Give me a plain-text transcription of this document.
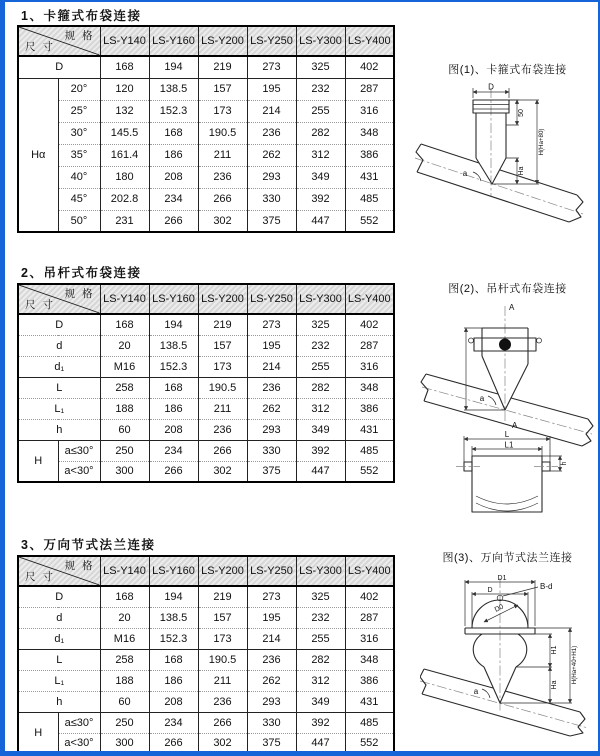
1、卡箍式布袋连接
规 格
尺 寸		LS-Y140	LS-Y160	LS-Y200	LS-Y250	LS-Y300	LS-Y400
D		168	194	219	273	325	402
Hα	20°	120	138.5	157	195	232	287
	25°	132	152.3	173	214	255	316
	30°	145.5	168	190.5	236	282	348
	35°	161.4	186	211	262	312	386
	40°	180	208	236	293	349	431
	45°	202.8	234	266	330	392	485
	50°	231	266	302	375	447	552
图(1)、卡箍式布袋连接
D
50
Ha
H(Ha+80)
a
2、吊杆式布袋连接
规 格
尺 寸		LS-Y140	LS-Y160	LS-Y200	LS-Y250	LS-Y300	LS-Y400
D		168	194	219	273	325	402
d		20	138.5	157	195	232	287
d₁		M16	152.3	173	214	255	316
L		258	168	190.5	236	282	348
L₁		188	186	211	262	312	386
h		60	208	236	293	349	431
H	a≤30°	250	234	266	330	392	485
	a<30°	300	266	302	375	447	552
图(2)、吊杆式布袋连接
A
a
A
L
L1
h
3、万向节式法兰连接
规 格
尺 寸		LS-Y140	LS-Y160	LS-Y200	LS-Y250	LS-Y300	LS-Y400
D		168	194	219	273	325	402
d		20	138.5	157	195	232	287
d₁		M16	152.3	173	214	255	316
L		258	168	190.5	236	282	348
L₁		188	186	211	262	312	386
h		60	208	236	293	349	431
H	a≤30°	250	234	266	330	392	485
	a<30°	300	266	302	375	447	552
图(3)、万向节式法兰连接
B-d
D1
D
D0
H1
Ha
H(Ha+40+H1)
a
